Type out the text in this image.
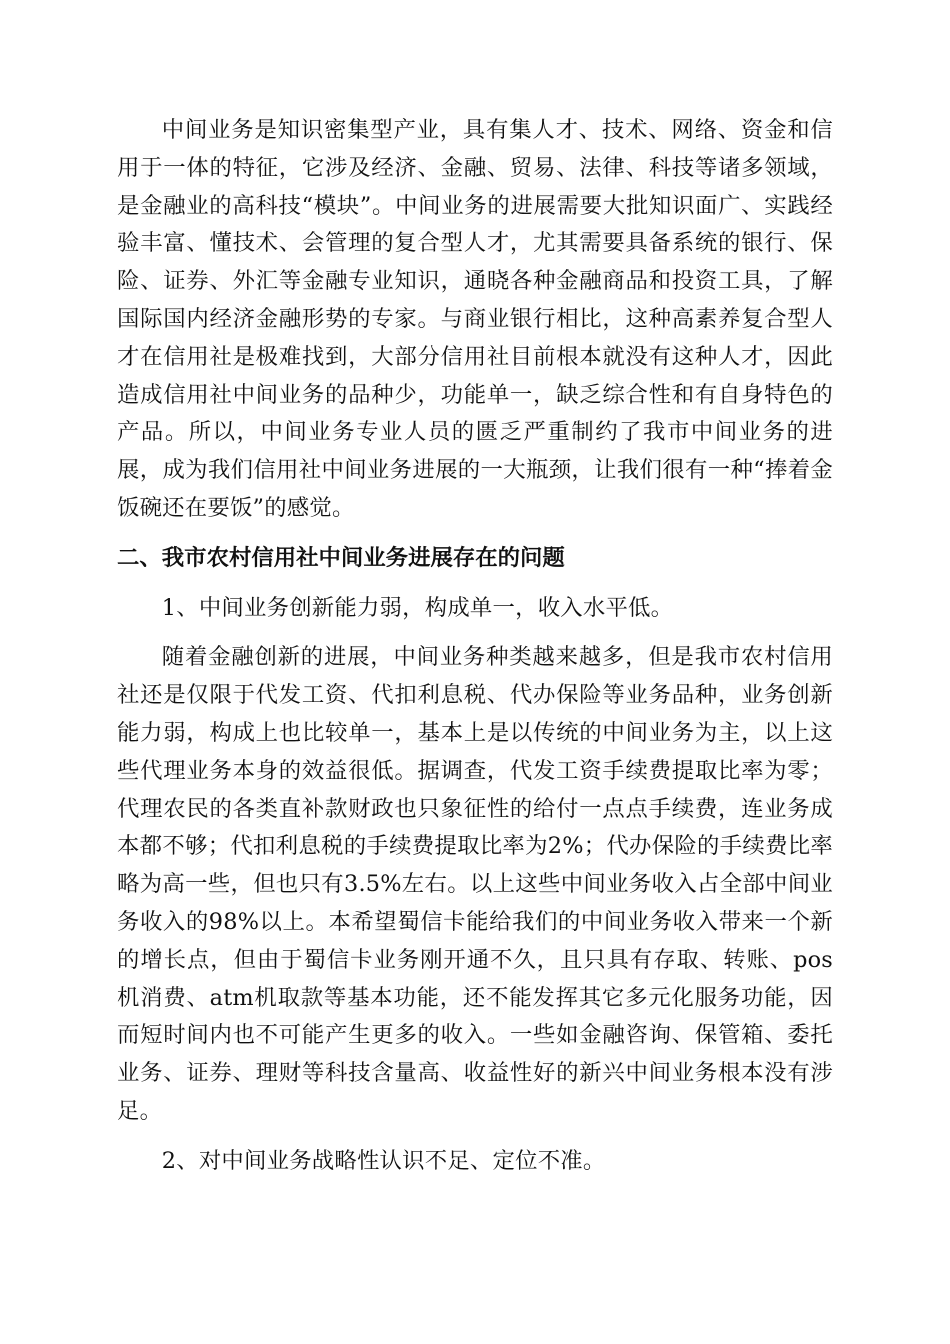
中间业务是知识密集型产业，具有集人才、技术、网络、资金和信用于一体的特征，它涉及经济、金融、贸易、法律、科技等诸多领域，是金融业的高科技“模块”。中间业务的进展需要大批知识面广、实践经验丰富、懂技术、会管理的复合型人才，尤其需要具备系统的银行、保险、证券、外汇等金融专业知识，通晓各种金融商品和投资工具，了解国际国内经济金融形势的专家。与商业银行相比，这种高素养复合型人才在信用社是极难找到，大部分信用社目前根本就没有这种人才，因此造成信用社中间业务的品种少，功能单一，缺乏综合性和有自身特色的产品。所以，中间业务专业人员的匮乏严重制约了我市中间业务的进展，成为我们信用社中间业务进展的一大瓶颈，让我们很有一种“捧着金饭碗还在要饭”的感觉。

二、我市农村信用社中间业务进展存在的问题

1、中间业务创新能力弱，构成单一，收入水平低。

随着金融创新的进展，中间业务种类越来越多，但是我市农村信用社还是仅限于代发工资、代扣利息税、代办保险等业务品种，业务创新能力弱，构成上也比较单一，基本上是以传统的中间业务为主，以上这些代理业务本身的效益很低。据调查，代发工资手续费提取比率为零；代理农民的各类直补款财政也只象征性的给付一点点手续费，连业务成本都不够；代扣利息税的手续费提取比率为2%；代办保险的手续费比率略为高一些，但也只有3.5%左右。以上这些中间业务收入占全部中间业务收入的98%以上。本希望蜀信卡能给我们的中间业务收入带来一个新的增长点，但由于蜀信卡业务刚开通不久，且只具有存取、转账、pos机消费、atm机取款等基本功能，还不能发挥其它多元化服务功能，因而短时间内也不可能产生更多的收入。一些如金融咨询、保管箱、委托业务、证券、理财等科技含量高、收益性好的新兴中间业务根本没有涉足。

2、对中间业务战略性认识不足、定位不准。
